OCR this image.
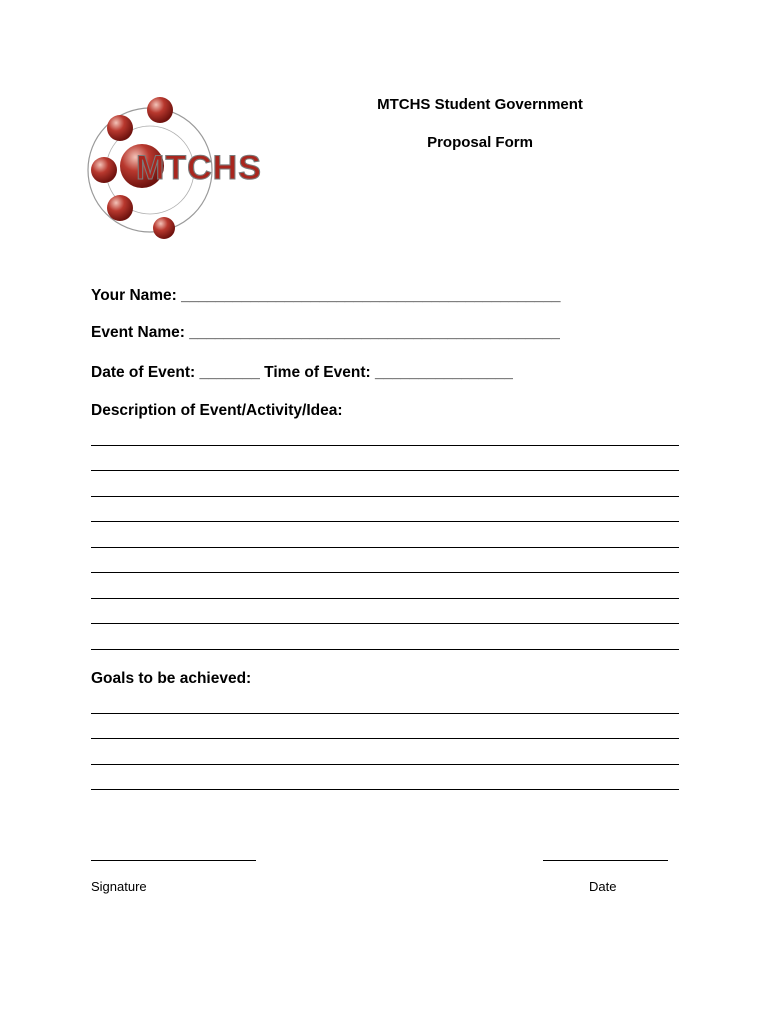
MTCHS
MTCHS Student Government
Proposal Form
Your Name: ____________________________________________
Event Name: ___________________________________________
Date of Event: _______ Time of Event: ________________
Description of Event/Activity/Idea:
Goals to be achieved:
Signature	Date
